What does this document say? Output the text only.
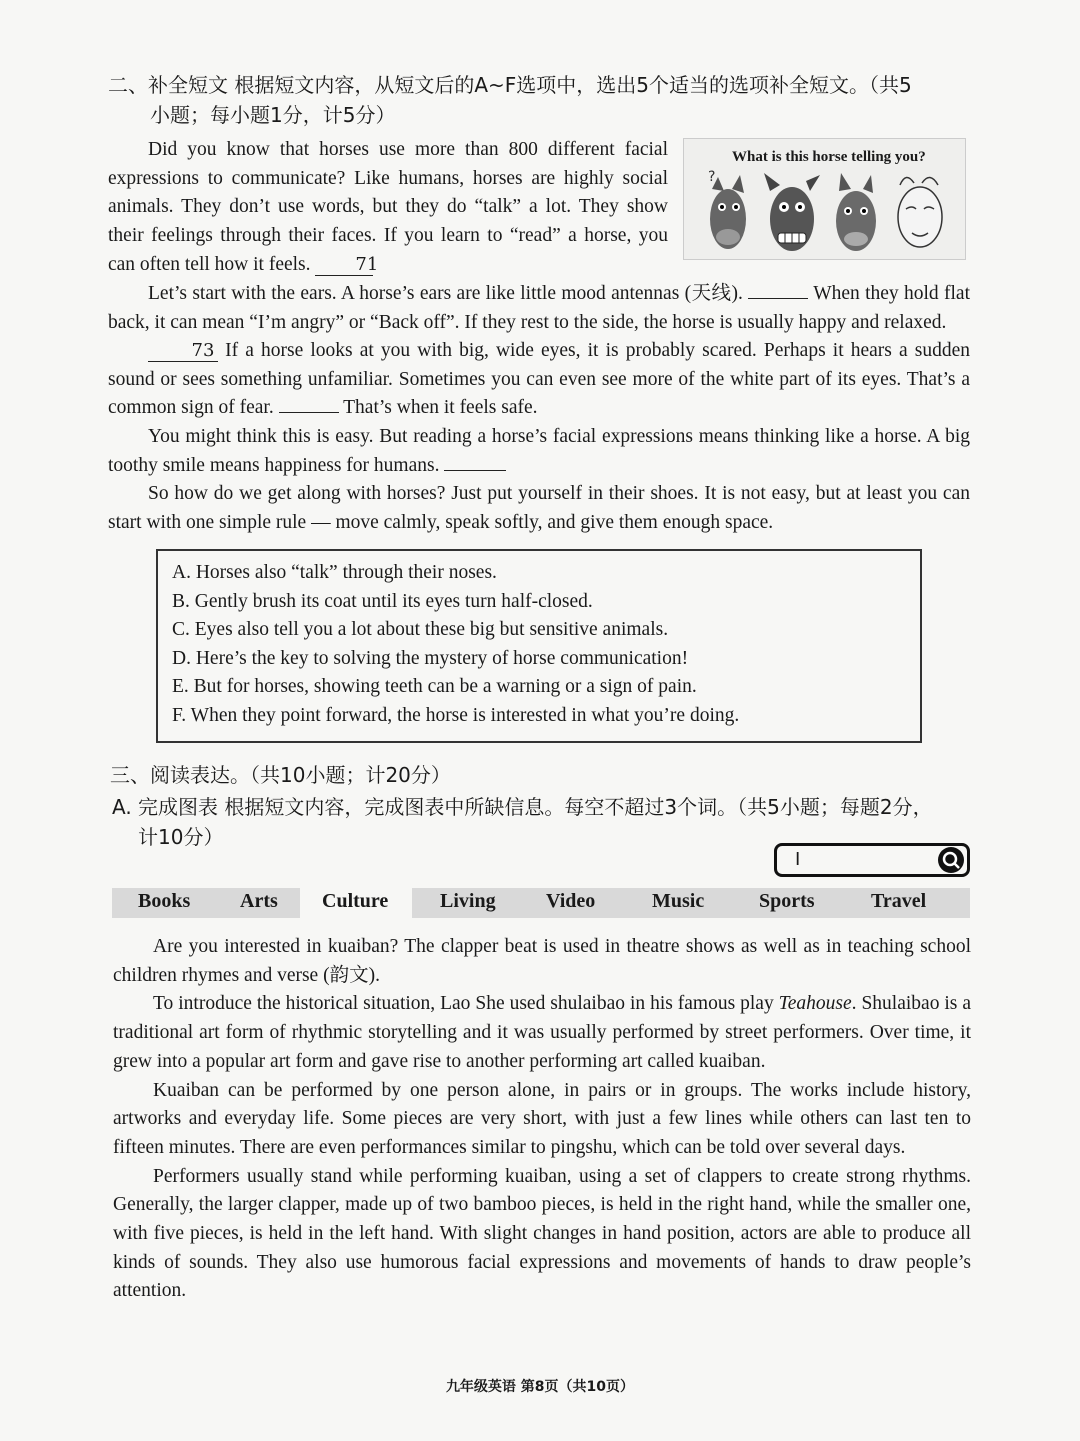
二、补全短文 根据短文内容，从短文后的A~F选项中，选出5个适当的选项补全短文。（共5
小题；每小题1分，计5分）
What is this horse telling you?
?
Did you know that horses use more than 800 different facial expressions to communicate? Like humans, horses are highly social animals. They don’t use words, but they do “talk” a lot. They show their feelings through their faces. If you learn to “read” a horse, you can often tell how it feels. 71
Let’s start with the ears. A horse’s ears are like little mood antennas (天线).	When they hold flat back, it can mean “I’m angry” or “Back off”. If they rest to the side, the horse is usually happy and relaxed.
73 If a horse looks at you with big, wide eyes, it is probably scared. Perhaps it hears a sudden sound or sees something unfamiliar. Sometimes you can even see more of the white part of its eyes. That’s a common sign of fear.	That’s when it feels safe.
You might think this is easy. But reading a horse’s facial expressions means thinking like a horse. A big toothy smile means happiness for humans.
So how do we get along with horses? Just put yourself in their shoes. It is not easy, but at least you can start with one simple rule — move calmly, speak softly, and give them enough space.
A. Horses also “talk” through their noses.
B. Gently brush its coat until its eyes turn half-closed.
C. Eyes also tell you a lot about these big but sensitive animals.
D. Here’s the key to solving the mystery of horse communication!
E. But for horses, showing teeth can be a warning or a sign of pain.
F. When they point forward, the horse is interested in what you’re doing.
三、阅读表达。（共10小题；计20分）
A. 完成图表 根据短文内容，完成图表中所缺信息。每空不超过3个词。（共5小题；每题2分，
计10分）
I
Books Arts	Culture	Living	Video	Music	Sports	Travel
Are you interested in kuaiban? The clapper beat is used in theatre shows as well as in teaching school children rhymes and verse (韵文).
To introduce the historical situation, Lao She used shulaibao in his famous play Teahouse. Shulaibao is a traditional art form of rhythmic storytelling and it was usually performed by street performers. Over time, it grew into a popular art form and gave rise to another performing art called kuaiban.
Kuaiban can be performed by one person alone, in pairs or in groups. The works include history, artworks and everyday life. Some pieces are very short, with just a few lines while others can last ten to fifteen minutes. There are even performances similar to pingshu, which can be told over several days.
Performers usually stand while performing kuaiban, using a set of clappers to create strong rhythms. Generally, the larger clapper, made up of two bamboo pieces, is held in the right hand, while the smaller one, with five pieces, is held in the left hand. With slight changes in hand position, actors are able to produce all kinds of sounds. They also use humorous facial expressions and movements of hands to draw people’s attention.
九年级英语 第8页（共10页）
